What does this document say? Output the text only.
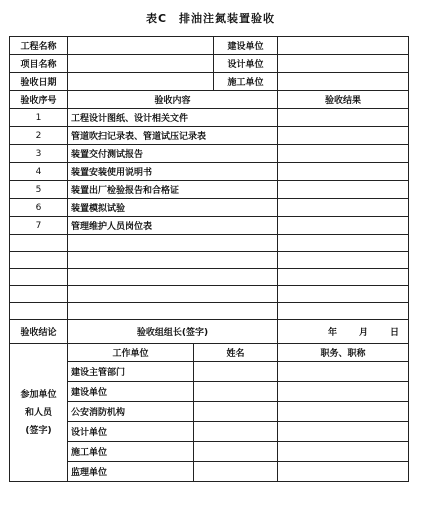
表C　排油注氮装置验收
工程名称			建设单位	
项目名称			设计单位	
验收日期			施工单位	
验收序号	验收内容			验收结果
1	工程设计图纸、设计相关文件			
2	管道吹扫记录表、管道试压记录表			
3	装置交付测试报告			
4	装置安装使用说明书			
5	装置出厂检验报告和合格证			
6	装置模拟试验			
7	管理维护人员岗位表			

验收结论	验收组组长(签字)			年 月 日

参加单位
和人员
(签字)	工作单位	姓名		职务、职称
	建设主管部门			
	建设单位			
	公安消防机构			
	设计单位			
	施工单位			
	监理单位			
